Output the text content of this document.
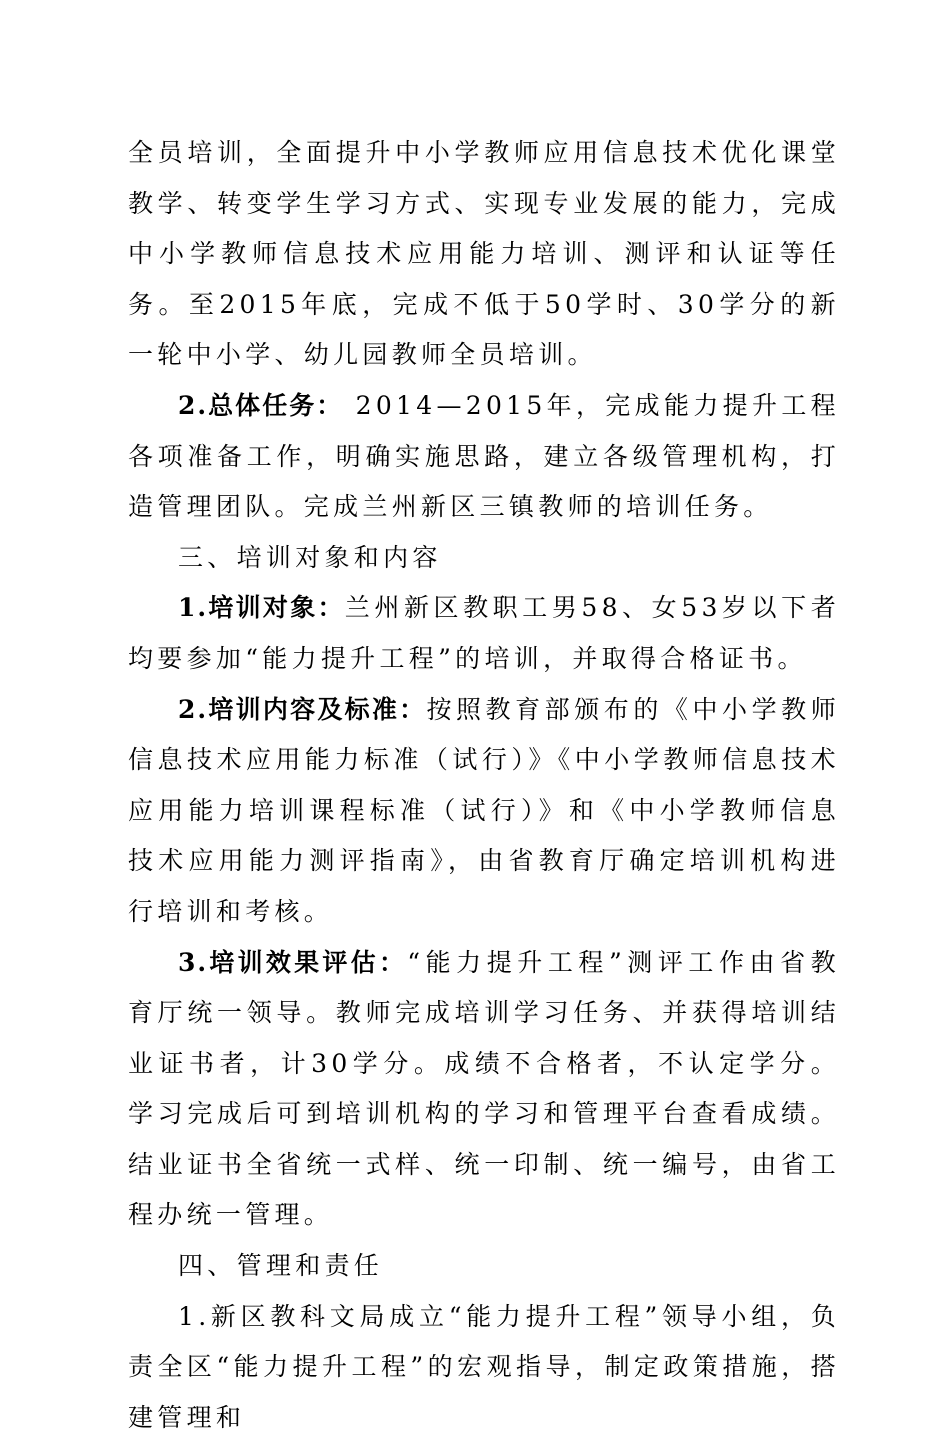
全员培训，全面提升中小学教师应用信息技术优化课堂教学、转变学生学习方式、实现专业发展的能力，完成中小学教师信息技术应用能力培训、测评和认证等任务。至2015年底，完成不低于50学时、30学分的新一轮中小学、幼儿园教师全员培训。

2.总体任务： 2014—2015年，完成能力提升工程各项准备工作，明确实施思路，建立各级管理机构，打造管理团队。完成兰州新区三镇教师的培训任务。

三、培训对象和内容

1.培训对象：兰州新区教职工男58、女53岁以下者均要参加“能力提升工程”的培训，并取得合格证书。

2.培训内容及标准：按照教育部颁布的《中小学教师信息技术应用能力标准（试行）》《中小学教师信息技术应用能力培训课程标准（试行）》和《中小学教师信息技术应用能力测评指南》，由省教育厅确定培训机构进行培训和考核。

3.培训效果评估：“能力提升工程”测评工作由省教育厅统一领导。教师完成培训学习任务、并获得培训结业证书者，计30学分。成绩不合格者，不认定学分。学习完成后可到培训机构的学习和管理平台查看成绩。结业证书全省统一式样、统一印制、统一编号，由省工程办统一管理。

四、管理和责任

1.新区教科文局成立“能力提升工程”领导小组，负责全区“能力提升工程”的宏观指导，制定政策措施，搭建管理和
